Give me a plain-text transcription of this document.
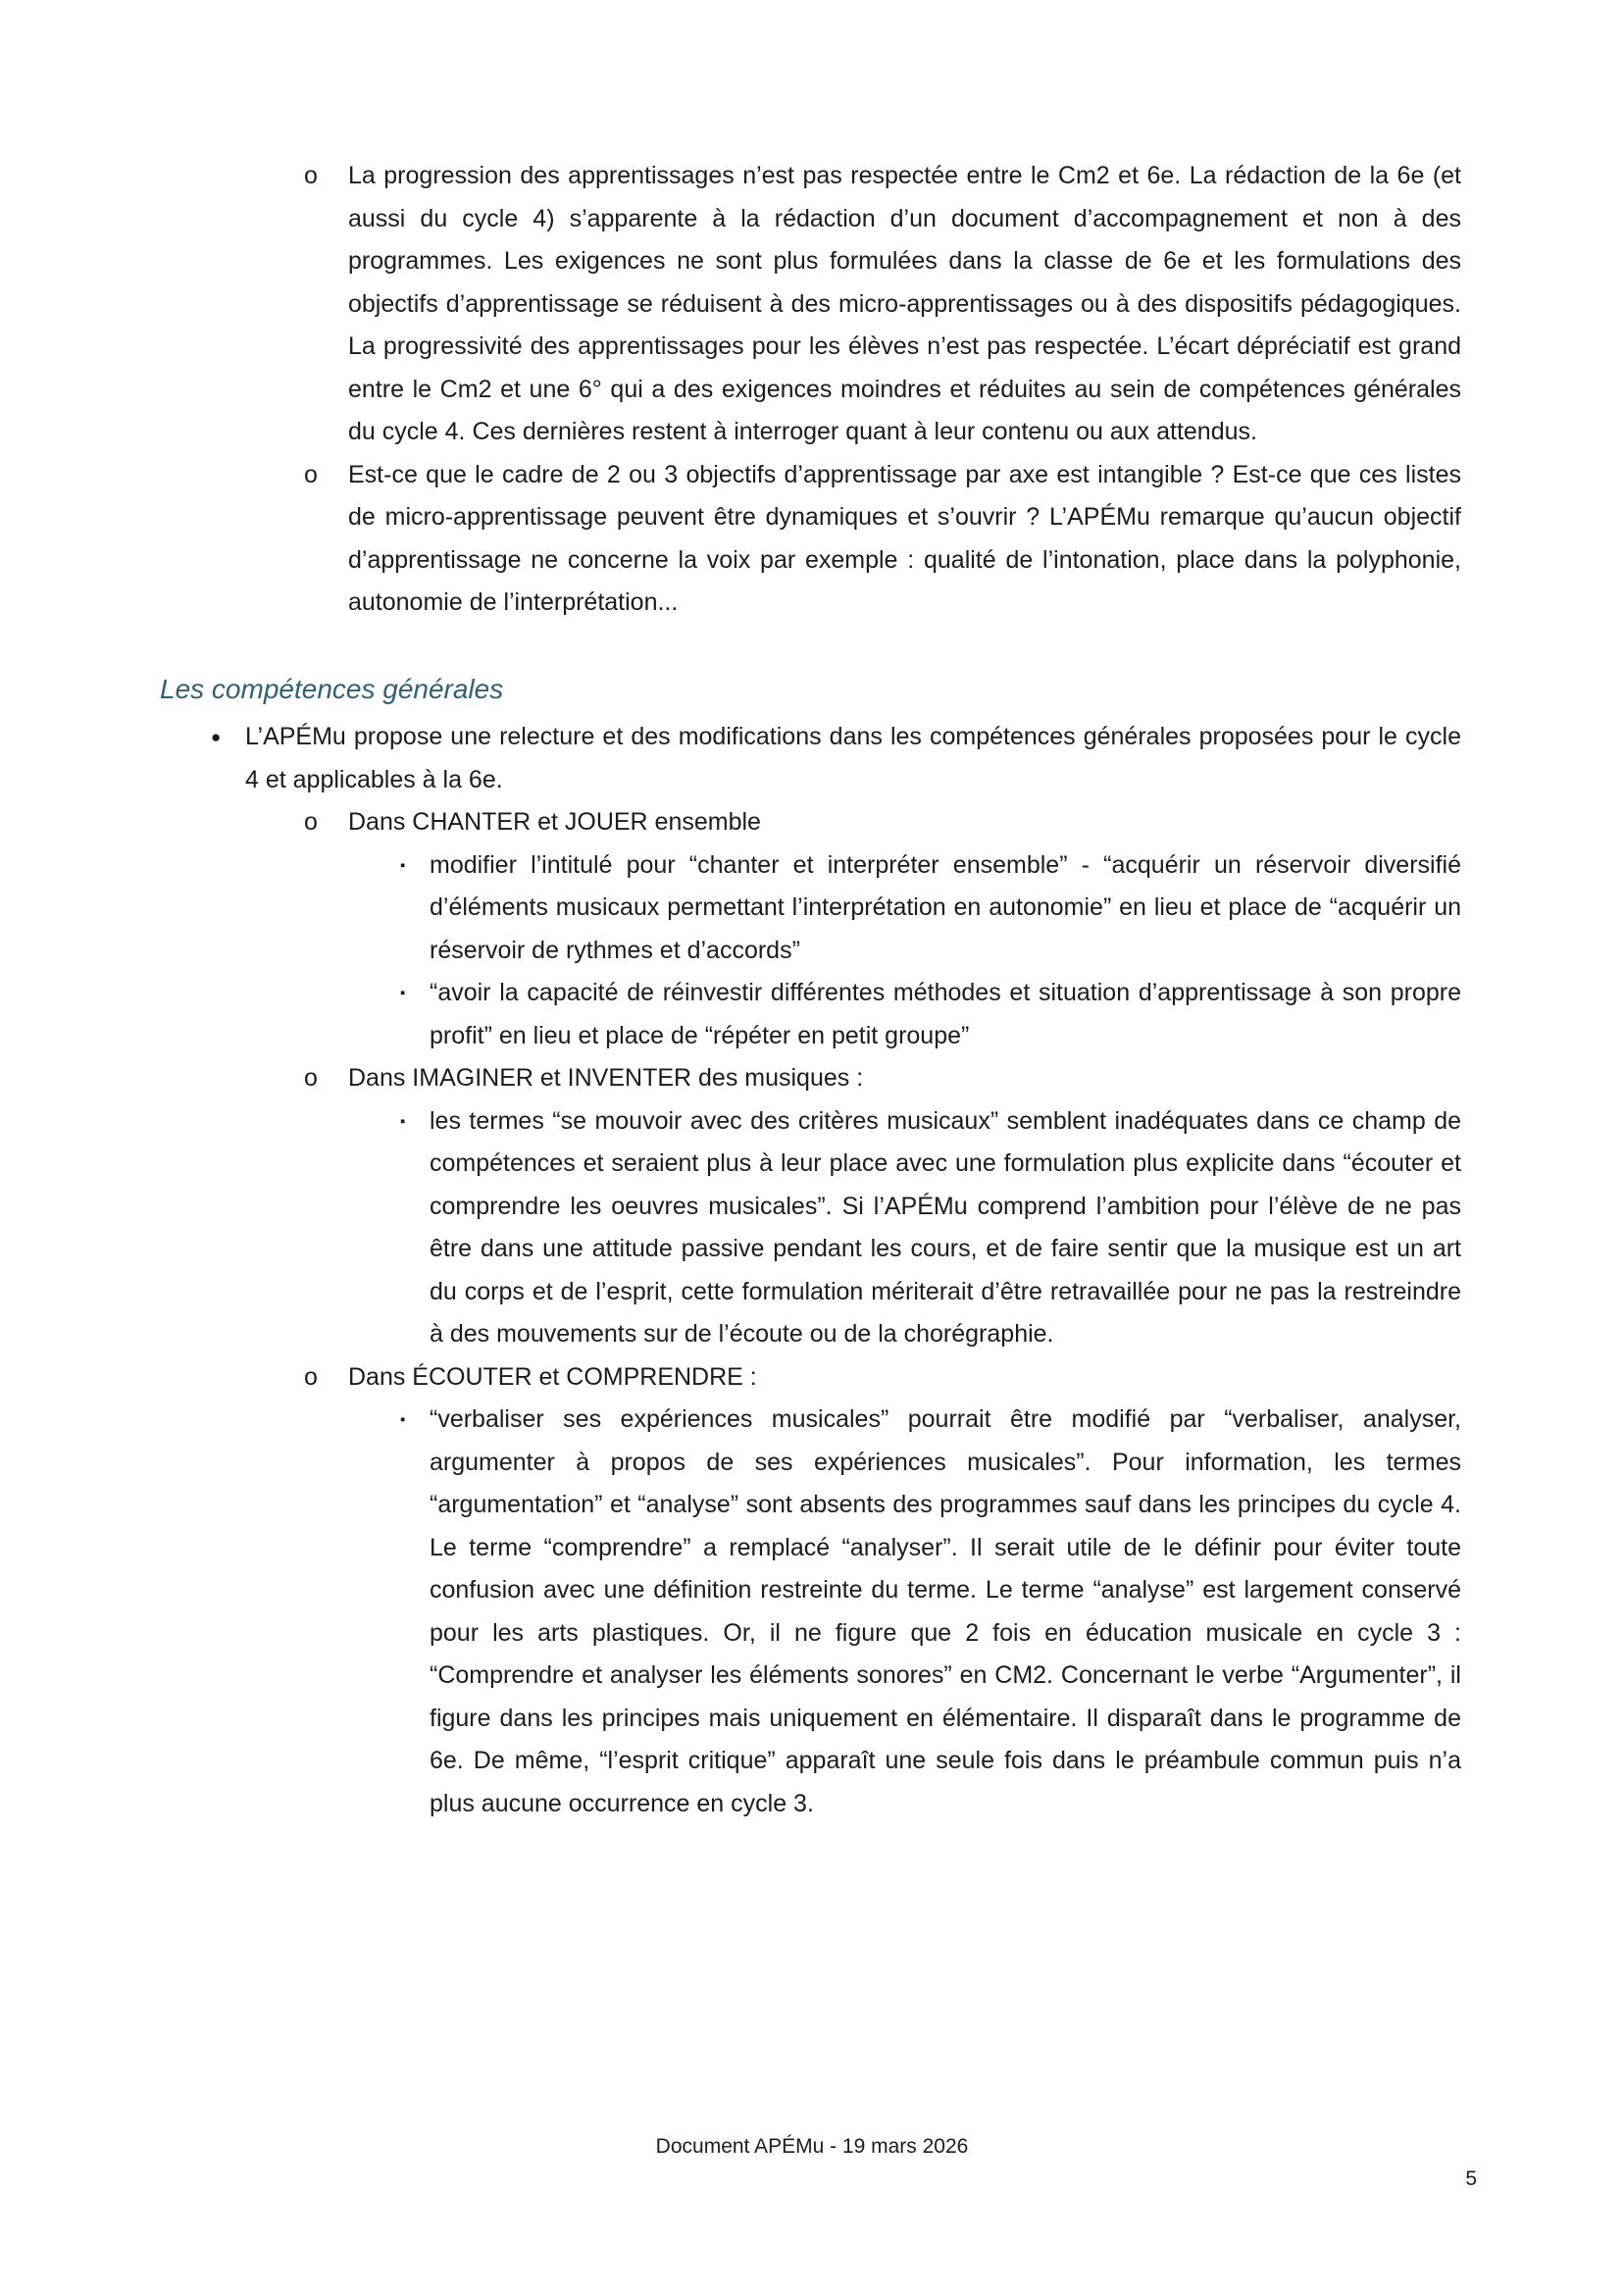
o La progression des apprentissages n’est pas respectée entre le Cm2 et 6e. La rédaction de la 6e (et aussi du cycle 4) s’apparente à la rédaction d’un document d’accompagnement et non à des programmes. Les exigences ne sont plus formulées dans la classe de 6e et les formulations des objectifs d’apprentissage se réduisent à des micro-apprentissages ou à des dispositifs pédagogiques. La progressivité des apprentissages pour les élèves n’est pas respectée. L’écart dépréciatif est grand entre le Cm2 et une 6° qui a des exigences moindres et réduites au sein de compétences générales du cycle 4. Ces dernières restent à interroger quant à leur contenu ou aux attendus.
o Est-ce que le cadre de 2 ou 3 objectifs d’apprentissage par axe est intangible ? Est-ce que ces listes de micro-apprentissage peuvent être dynamiques et s’ouvrir ? L’APÉMu remarque qu’aucun objectif d’apprentissage ne concerne la voix par exemple : qualité de l’intonation, place dans la polyphonie, autonomie de l’interprétation...
Les compétences générales
● L’APÉMu propose une relecture et des modifications dans les compétences générales proposées pour le cycle 4 et applicables à la 6e.
o Dans CHANTER et JOUER ensemble
▪ modifier l’intitulé pour “chanter et interpréter ensemble” - “acquérir un réservoir diversifié d’éléments musicaux permettant l’interprétation en autonomie” en lieu et place de “acquérir un réservoir de rythmes et d’accords”
▪ “avoir la capacité de réinvestir différentes méthodes et situation d’apprentissage à son propre profit” en lieu et place de “répéter en petit groupe”
o Dans IMAGINER et INVENTER des musiques :
▪ les termes “se mouvoir avec des critères musicaux” semblent inadéquates dans ce champ de compétences et seraient plus à leur place avec une formulation plus explicite dans “écouter et comprendre les oeuvres musicales”. Si l’APÉMu comprend l’ambition pour l’élève de ne pas être dans une attitude passive pendant les cours, et de faire sentir que la musique est un art du corps et de l’esprit, cette formulation mériterait d’être retravaillée pour ne pas la restreindre à des mouvements sur de l’écoute ou de la chorégraphie.
o Dans ÉCOUTER et COMPRENDRE :
▪ “verbaliser ses expériences musicales” pourrait être modifié par “verbaliser, analyser, argumenter à propos de ses expériences musicales”. Pour information, les termes “argumentation” et “analyse” sont absents des programmes sauf dans les principes du cycle 4. Le terme “comprendre” a remplacé “analyser”. Il serait utile de le définir pour éviter toute confusion avec une définition restreinte du terme. Le terme “analyse” est largement conservé pour les arts plastiques. Or, il ne figure que 2 fois en éducation musicale en cycle 3 : “Comprendre et analyser les éléments sonores” en CM2. Concernant le verbe “Argumenter”, il figure dans les principes mais uniquement en élémentaire. Il disparaît dans le programme de 6e. De même, “l’esprit critique” apparaît une seule fois dans le préambule commun puis n’a plus aucune occurrence en cycle 3.
Document APÉMu - 19 mars 2026
5
